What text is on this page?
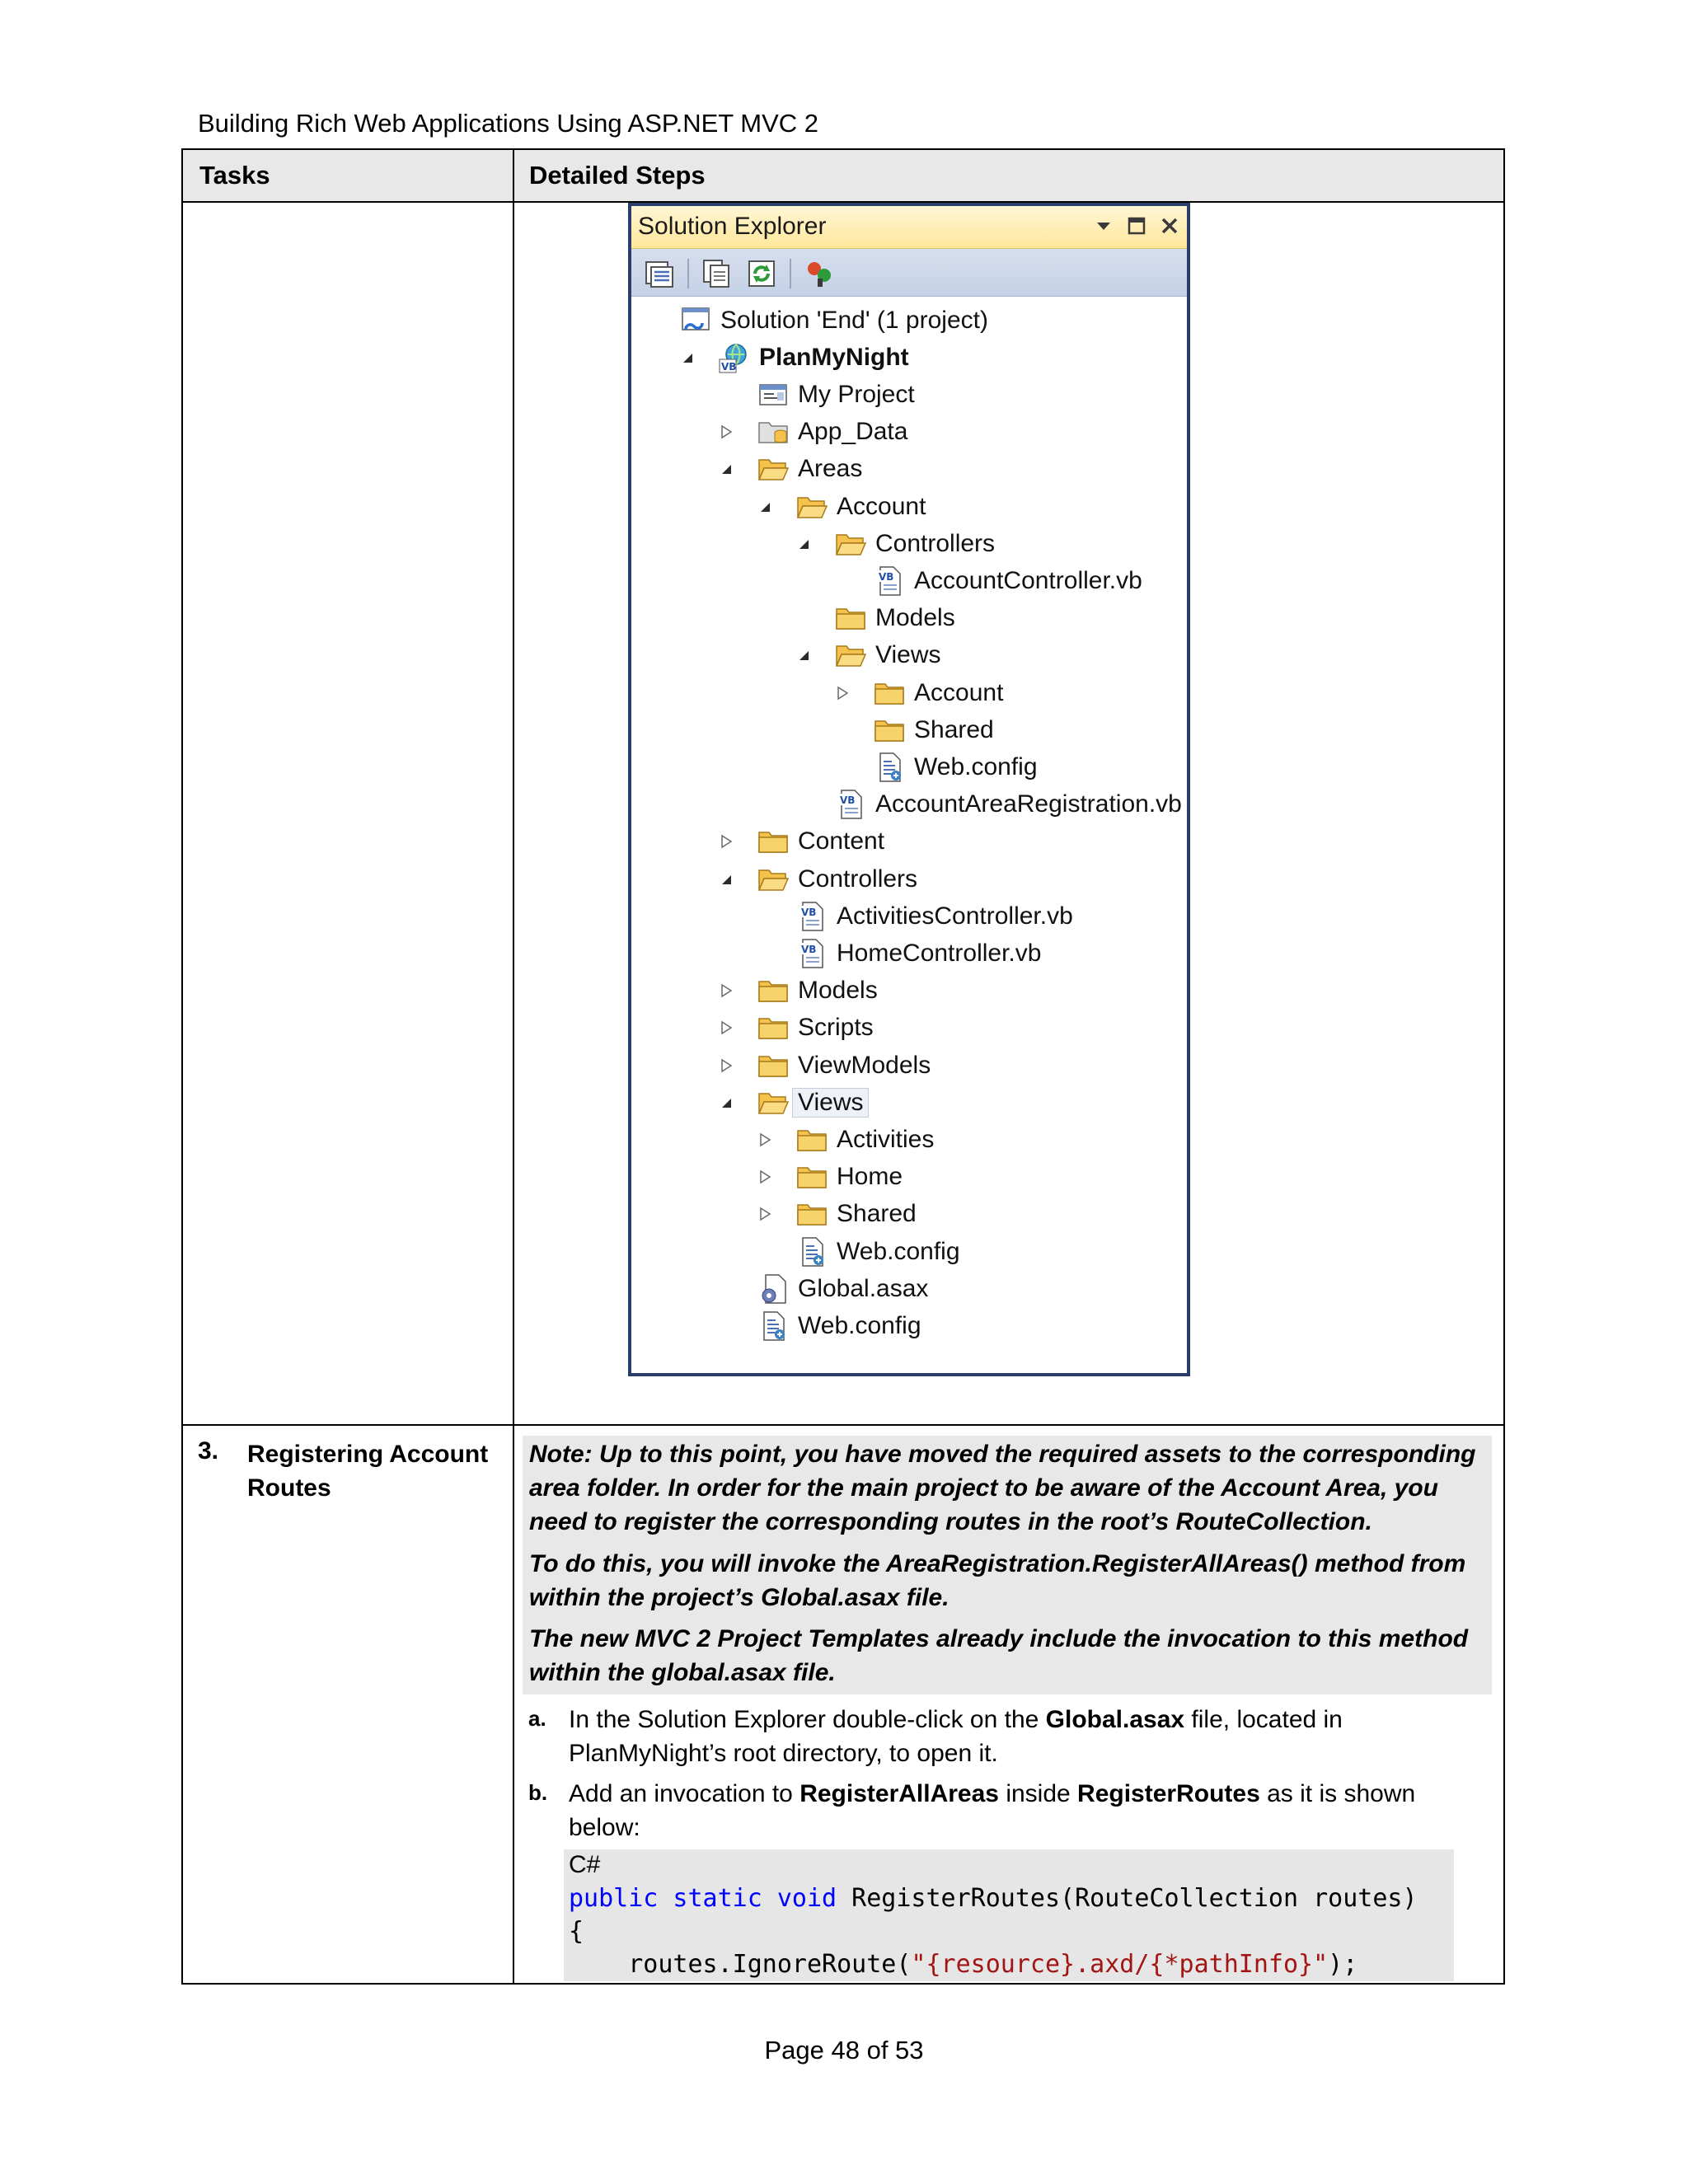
Building Rich Web Applications Using ASP.NET MVC 2
Tasks	Detailed Steps
Solution Explorer
Solution 'End' (1 project)
VB PlanMyNight
My Project
App_Data
Areas
Account
Controllers
VB AccountController.vb
Models
Views
Account
Shared
Web.config
VB AccountAreaRegistration.vb
Content
Controllers
VB ActivitiesController.vb
VB HomeController.vb
Models
Scripts
ViewModels
Views
Activities
Home
Shared
Web.config
Global.asax
Web.config
3. Registering Account Routes
Note: Up to this point, you have moved the required assets to the corresponding area folder. In order for the main project to be aware of the Account Area, you need to register the corresponding routes in the root’s RouteCollection.
To do this, you will invoke the AreaRegistration.RegisterAllAreas() method from within the project’s Global.asax file.
The new MVC 2 Project Templates already include the invocation to this method within the global.asax file.
a. In the Solution Explorer double-click on the Global.asax file, located in PlanMyNight’s root directory, to open it.
b. Add an invocation to RegisterAllAreas inside RegisterRoutes as it is shown below:
C#
public static void RegisterRoutes(RouteCollection routes)
{
routes.IgnoreRoute("{resource}.axd/{*pathInfo}");
Page 48 of 53
